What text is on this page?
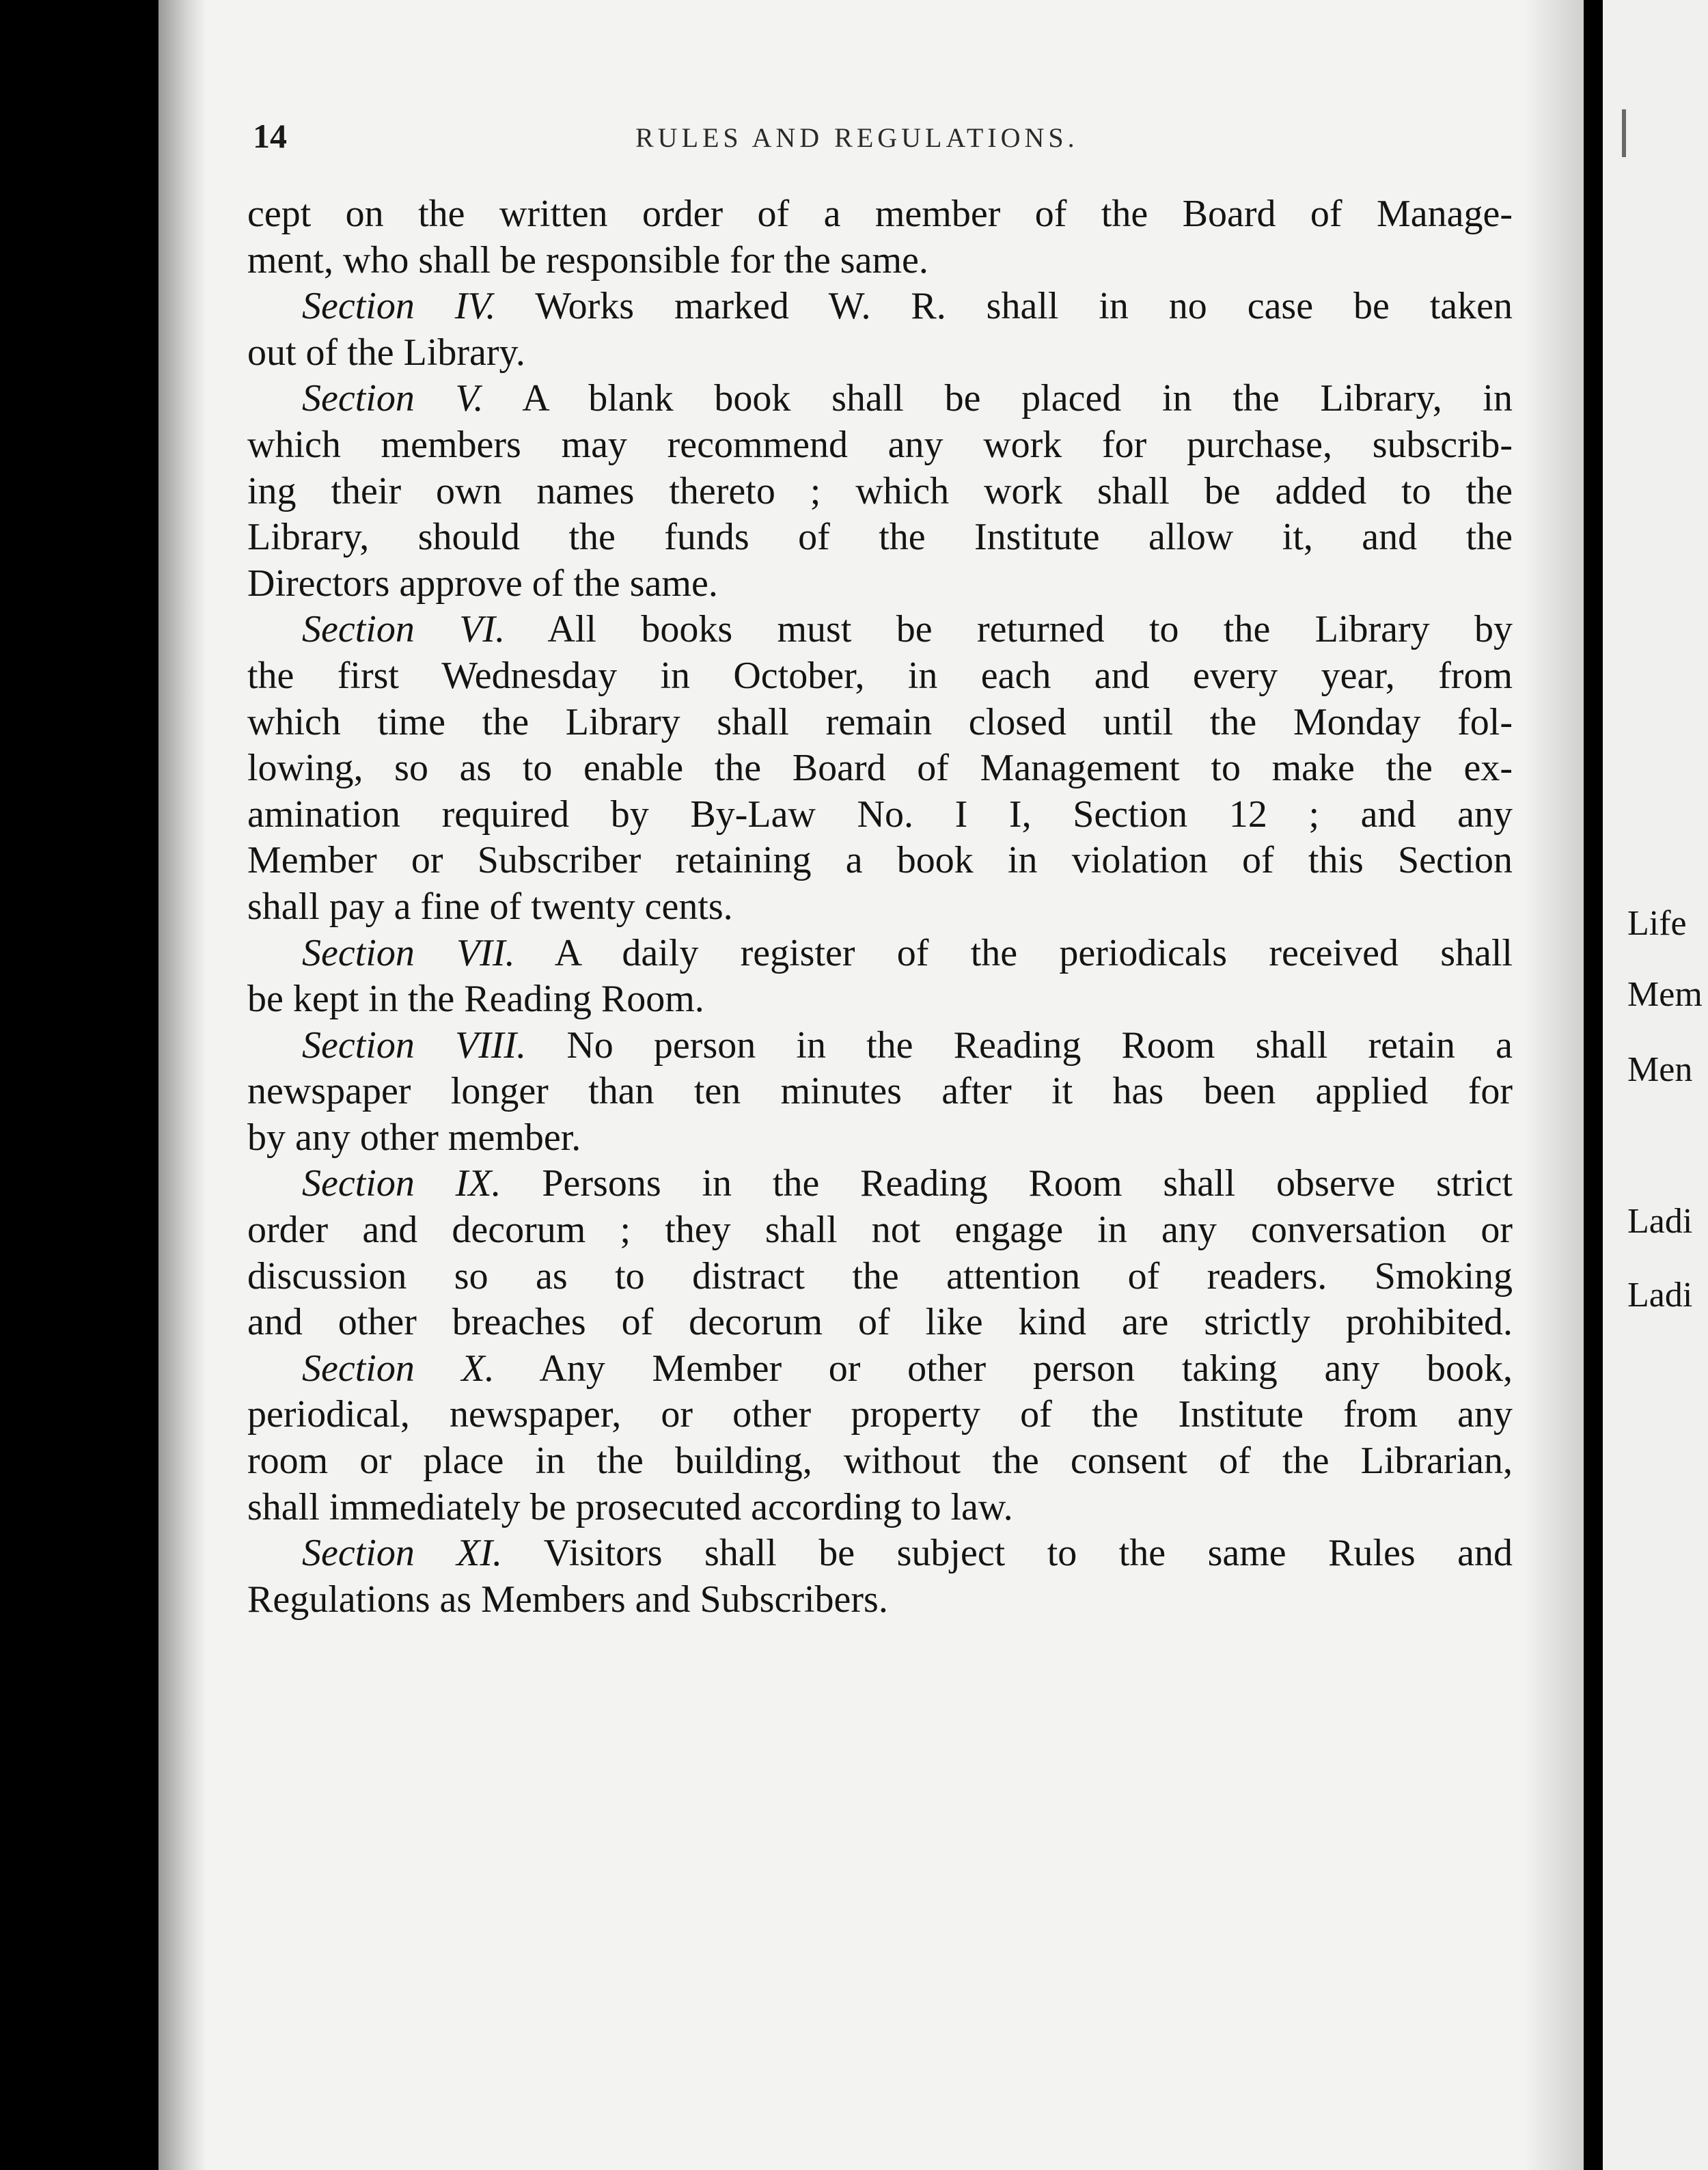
Life
Mem
Men
Ladi
Ladi
14	RULES AND REGULATIONS.
cept on the written order of a member of the Board of Manage-
ment, who shall be responsible for the same.
Section IV. Works marked W. R. shall in no case be taken
out of the Library.
Section V. A blank book shall be placed in the Library, in
which members may recommend any work for purchase, subscrib-
ing their own names thereto ; which work shall be added to the
Library, should the funds of the Institute allow it, and the
Directors approve of the same.
Section VI. All books must be returned to the Library by
the first Wednesday in October, in each and every year, from
which time the Library shall remain closed until the Monday fol-
lowing, so as to enable the Board of Management to make the ex-
amination required by By-Law No. I I, Section 12 ; and any
Member or Subscriber retaining a book in violation of this Section
shall pay a fine of twenty cents.
Section VII. A daily register of the periodicals received shall
be kept in the Reading Room.
Section VIII. No person in the Reading Room shall retain a
newspaper longer than ten minutes after it has been applied for
by any other member.
Section IX. Persons in the Reading Room shall observe strict
order and decorum ; they shall not engage in any conversation or
discussion so as to distract the attention of readers. Smoking
and other breaches of decorum of like kind are strictly prohibited.
Section X. Any Member or other person taking any book,
periodical, newspaper, or other property of the Institute from any
room or place in the building, without the consent of the Librarian,
shall immediately be prosecuted according to law.
Section XI. Visitors shall be subject to the same Rules and
Regulations as Members and Subscribers.
